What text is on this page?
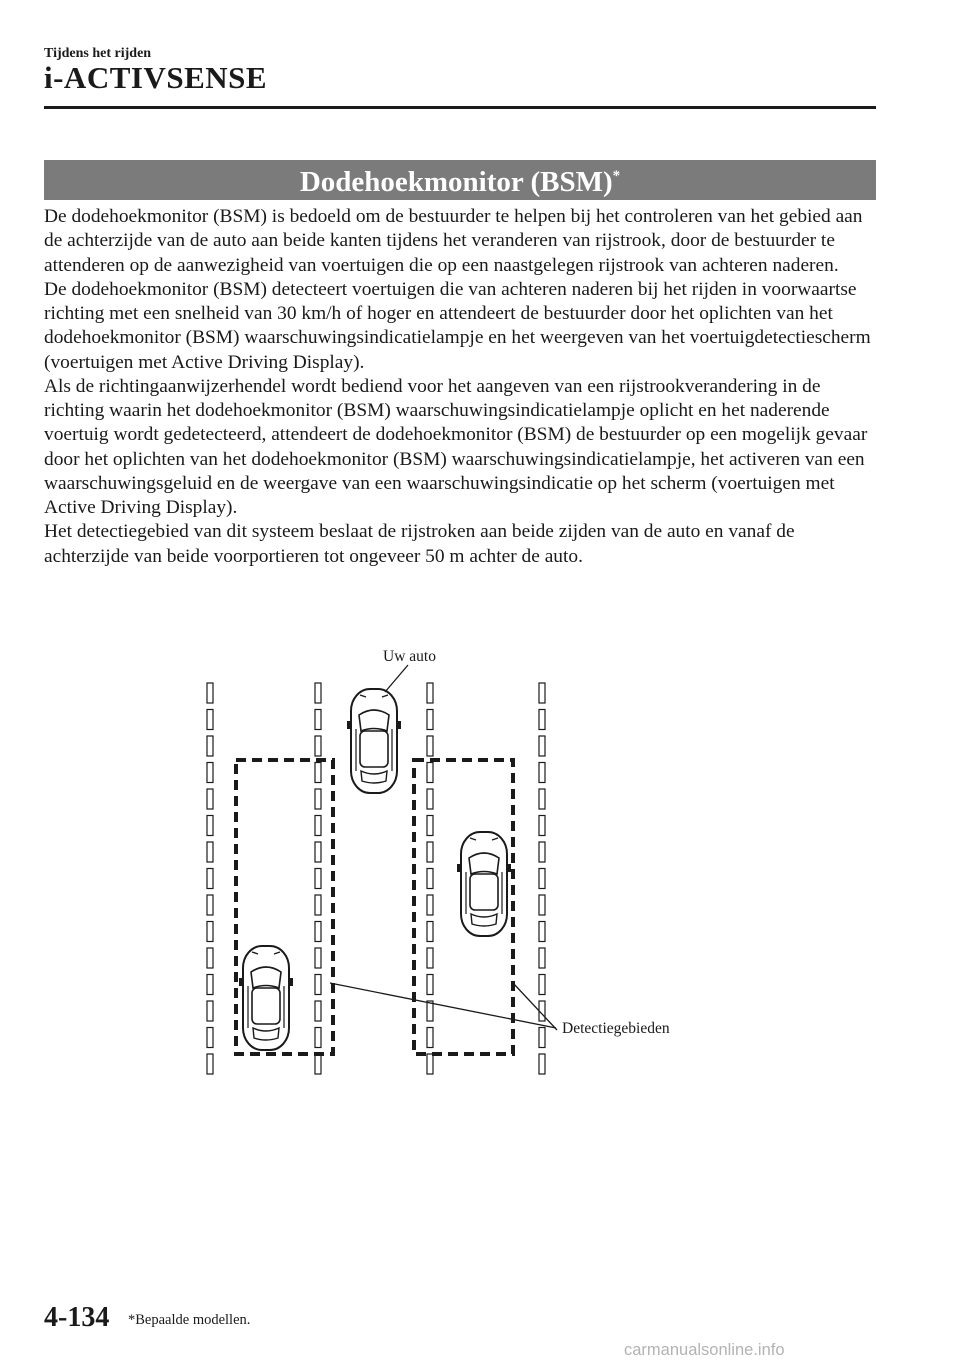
Tijdens het rijden
i-ACTIVSENSE
Dodehoekmonitor (BSM)*

De dodehoekmonitor (BSM) is bedoeld om de bestuurder te helpen bij het controleren van het gebied aan de achterzijde van de auto aan beide kanten tijdens het veranderen van rijstrook, door de bestuurder te attenderen op de aanwezigheid van voertuigen die op een naastgelegen rijstrook van achteren naderen.

De dodehoekmonitor (BSM) detecteert voertuigen die van achteren naderen bij het rijden in voorwaartse richting met een snelheid van 30 km/h of hoger en attendeert de bestuurder door het oplichten van het dodehoekmonitor (BSM) waarschuwingsindicatielampje en het weergeven van het voertuigdetectiescherm (voertuigen met Active Driving Display).

Als de richtingaanwijzerhendel wordt bediend voor het aangeven van een rijstrookverandering in de richting waarin het dodehoekmonitor (BSM) waarschuwingsindicatielampje oplicht en het naderende voertuig wordt gedetecteerd, attendeert de dodehoekmonitor (BSM) de bestuurder op een mogelijk gevaar door het oplichten van het dodehoekmonitor (BSM) waarschuwingsindicatielampje, het activeren van een waarschuwingsgeluid en de weergave van een waarschuwingsindicatie op het scherm (voertuigen met Active Driving Display).

Het detectiegebied van dit systeem beslaat de rijstroken aan beide zijden van de auto en vanaf de achterzijde van beide voorportieren tot ongeveer 50 m achter de auto.

Uw auto
Detectiegebieden
4-134 *Bepaalde modellen.
carmanualsonline.info
